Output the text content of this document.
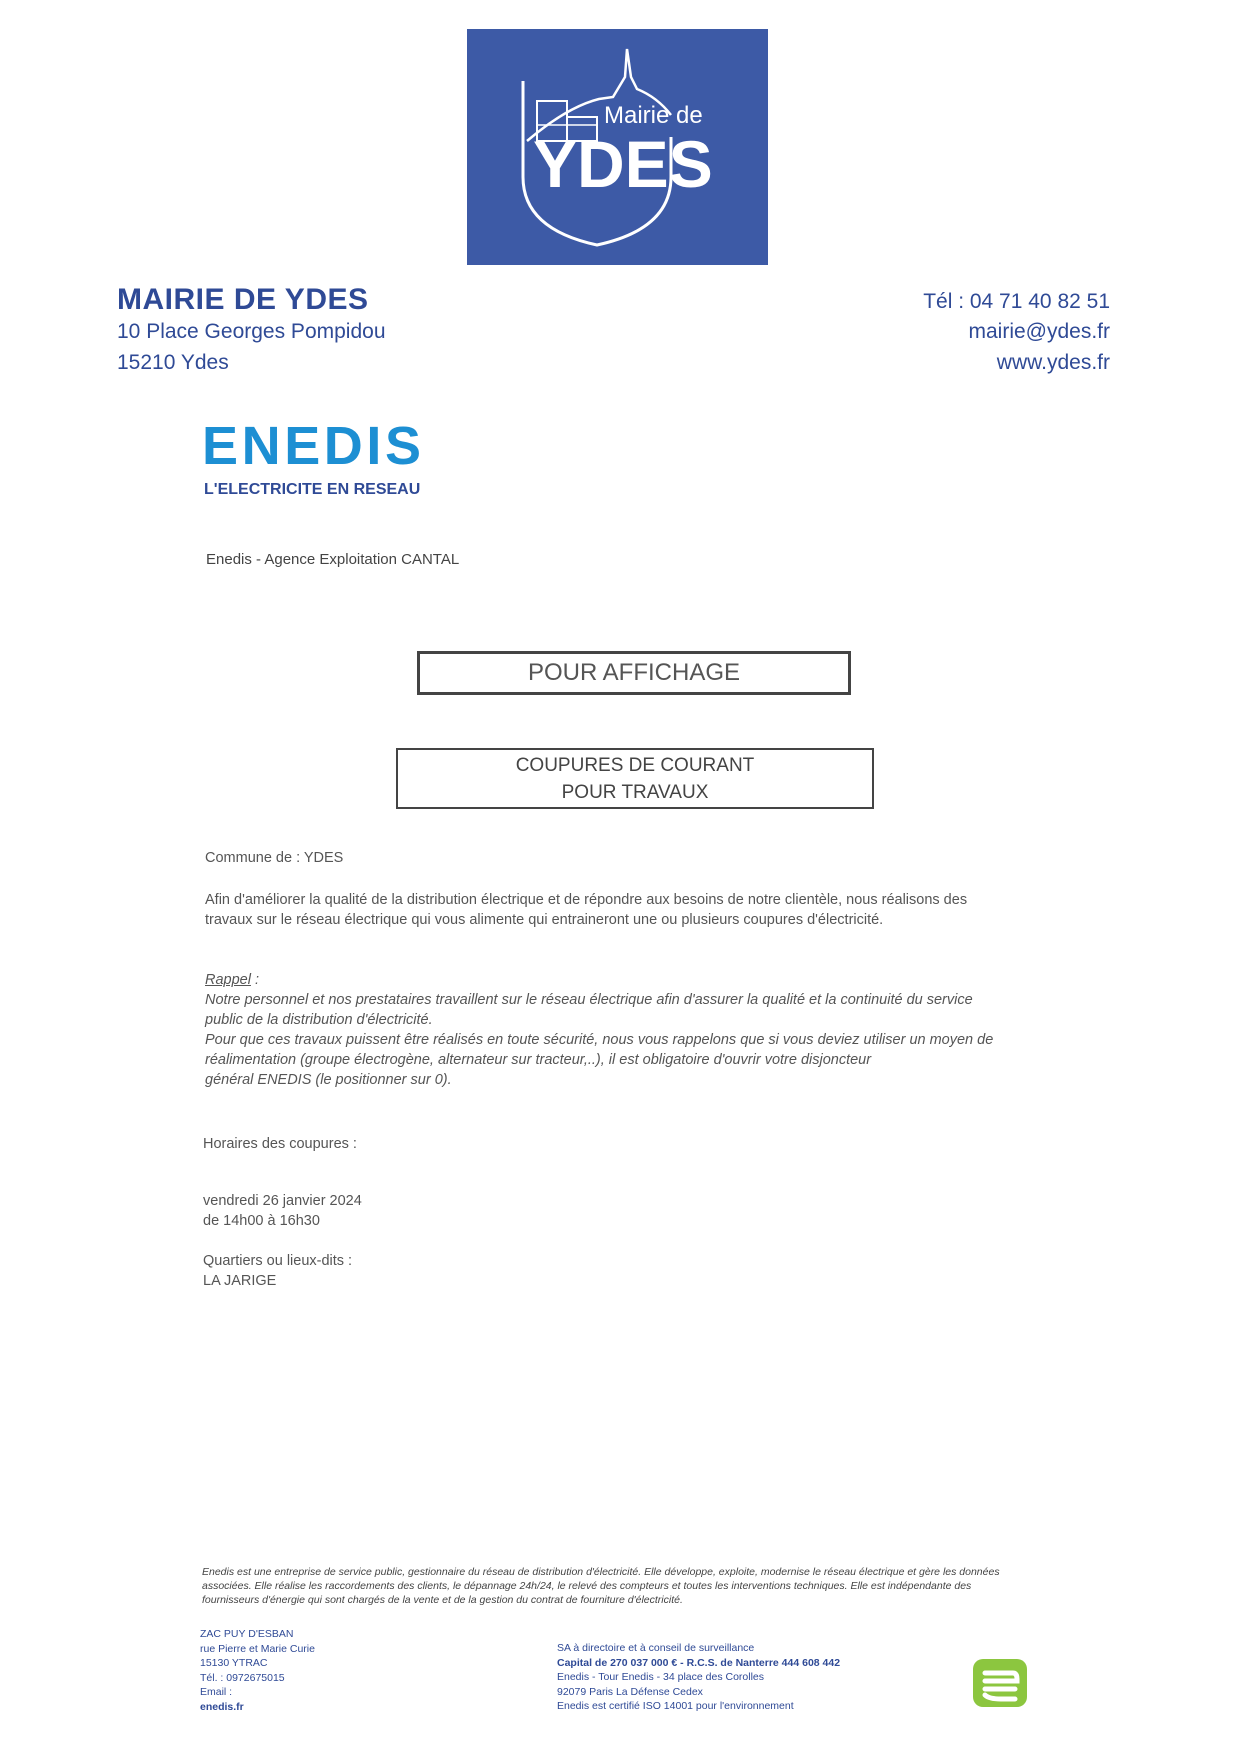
Mairie de
YDES
MAIRIE DE YDES
10 Place Georges Pompidou
15210 Ydes
Tél : 04 71 40 82 51
mairie@ydes.fr
www.ydes.fr
ENEDIS
L'ELECTRICITE EN RESEAU
Enedis - Agence Exploitation CANTAL
POUR AFFICHAGE
COUPURES DE COURANT
POUR TRAVAUX
Commune de : YDES
Afin d'améliorer la qualité de la distribution électrique et de répondre aux besoins de notre clientèle, nous réalisons des
travaux sur le réseau électrique qui vous alimente qui entraineront une ou plusieurs coupures d'électricité.
Rappel :
Notre personnel et nos prestataires travaillent sur le réseau électrique afin d'assurer la qualité et la continuité du service
public de la distribution d'électricité.
Pour que ces travaux puissent être réalisés en toute sécurité, nous vous rappelons que si vous deviez utiliser un moyen de
réalimentation (groupe électrogène, alternateur sur tracteur,..), il est obligatoire d'ouvrir votre disjoncteur
général ENEDIS (le positionner sur 0).
Horaires des coupures :
vendredi 26 janvier 2024
de 14h00 à 16h30
Quartiers ou lieux-dits :
LA JARIGE
Enedis est une entreprise de service public, gestionnaire du réseau de distribution d'électricité. Elle développe, exploite, modernise le réseau électrique et gère les données
associées. Elle réalise les raccordements des clients, le dépannage 24h/24, le relevé des compteurs et toutes les interventions techniques. Elle est indépendante des
fournisseurs d'énergie qui sont chargés de la vente et de la gestion du contrat de fourniture d'électricité.
ZAC PUY D'ESBAN
rue Pierre et Marie Curie
15130 YTRAC
Tél. : 0972675015
Email :
enedis.fr
SA à directoire et à conseil de surveillance
Capital de 270 037 000 € - R.C.S. de Nanterre 444 608 442
Enedis - Tour Enedis - 34 place des Corolles
92079 Paris La Défense Cedex
Enedis est certifié ISO 14001 pour l'environnement
